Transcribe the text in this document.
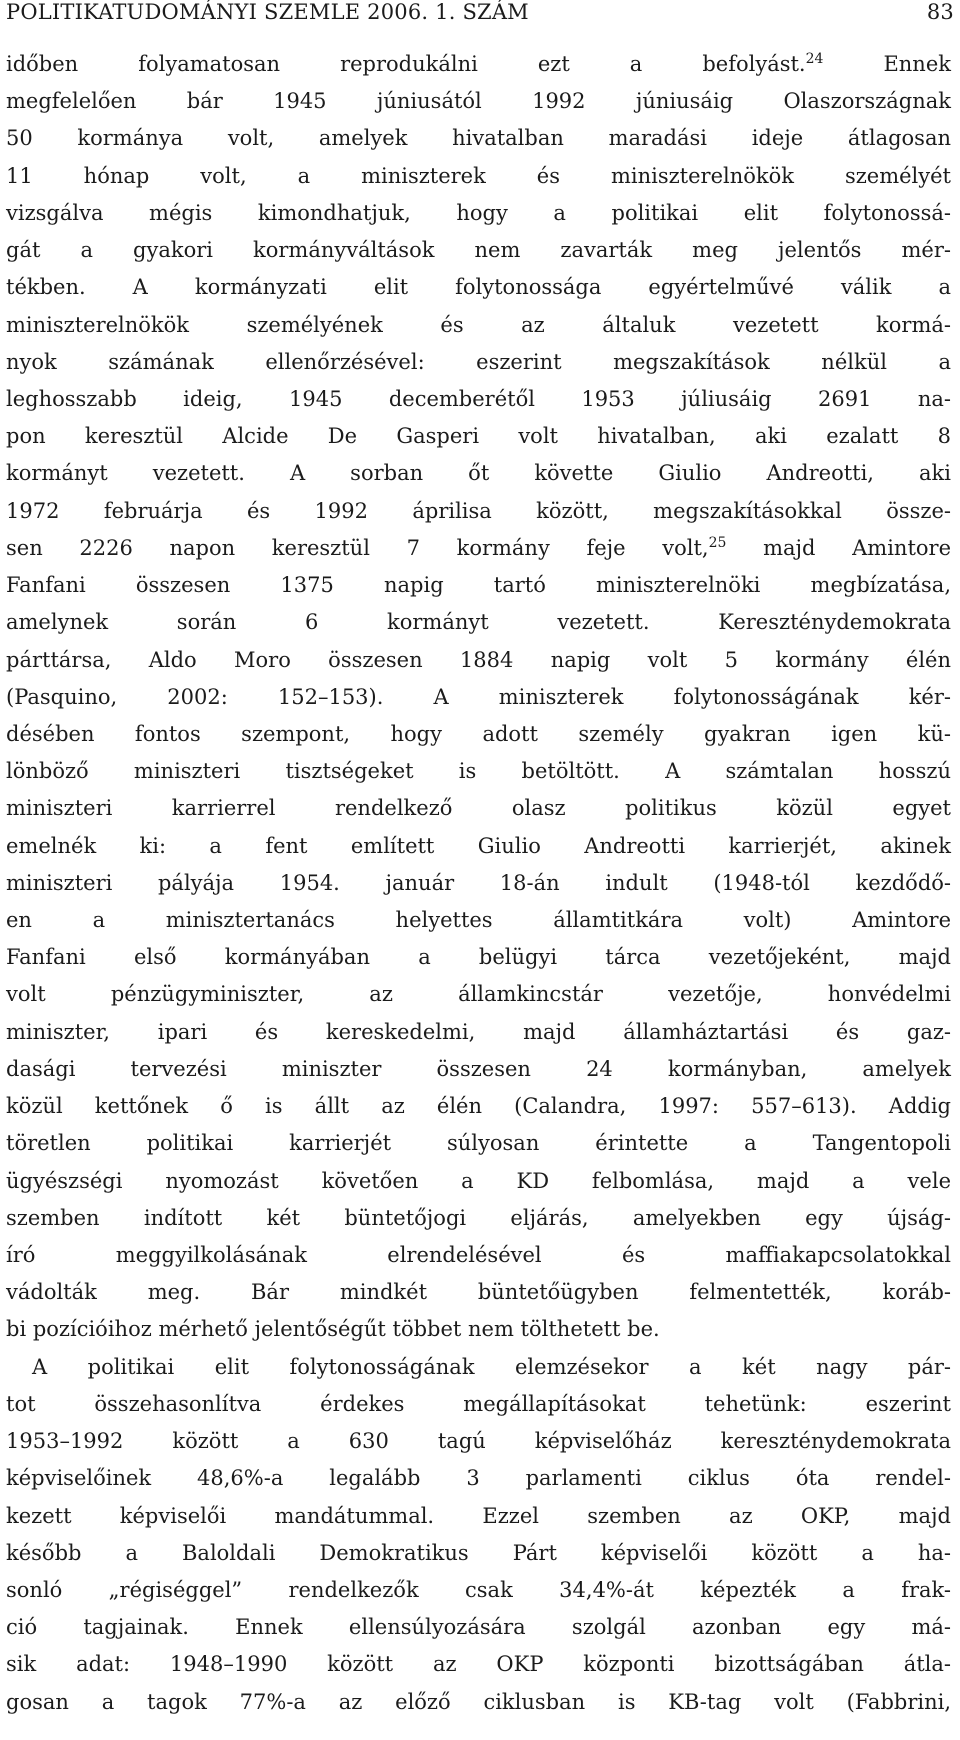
POLITIKATUDOMÁNYI SZEMLE 2006. 1. SZÁM	83
időben folyamatosan reprodukálni ezt a befolyást.$^{24}$ Ennek
megfelelően bár 1945 júniusától 1992 júniusáig Olaszországnak
50 kormánya volt, amelyek hivatalban maradási ideje átlagosan
11 hónap volt, a miniszterek és miniszterelnökök személyét
vizsgálva mégis kimondhatjuk, hogy a politikai elit folytonossá-
gát a gyakori kormányváltások nem zavarták meg jelentős mér-
tékben. A kormányzati elit folytonossága egyértelművé válik a
miniszterelnökök személyének és az általuk vezetett kormá-
nyok számának ellenőrzésével: eszerint megszakítások nélkül a
leghosszabb ideig, 1945 decemberétől 1953 júliusáig 2691 na-
pon keresztül Alcide De Gasperi volt hivatalban, aki ezalatt 8
kormányt vezetett. A sorban őt követte Giulio Andreotti, aki
1972 februárja és 1992 áprilisa között, megszakításokkal össze-
sen 2226 napon keresztül 7 kormány feje volt,$^{25}$ majd Amintore
Fanfani összesen 1375 napig tartó miniszterelnöki megbízatása,
amelynek során 6 kormányt vezetett. Kereszténydemokrata
párttársa, Aldo Moro összesen 1884 napig volt 5 kormány élén
(Pasquino, 2002: 152–153). A miniszterek folytonosságának kér-
désében fontos szempont, hogy adott személy gyakran igen kü-
lönböző miniszteri tisztségeket is betöltött. A számtalan hosszú
miniszteri karrierrel rendelkező olasz politikus közül egyet
emelnék ki: a fent említett Giulio Andreotti karrierjét, akinek
miniszteri pályája 1954. január 18-án indult (1948-tól kezdődő-
en a minisztertanács helyettes államtitkára volt) Amintore
Fanfani első kormányában a belügyi tárca vezetőjeként, majd
volt pénzügyminiszter, az államkincstár vezetője, honvédelmi
miniszter, ipari és kereskedelmi, majd államháztartási és gaz-
dasági tervezési miniszter összesen 24 kormányban, amelyek
közül kettőnek ő is állt az élén (Calandra, 1997: 557–613). Addig
töretlen politikai karrierjét súlyosan érintette a Tangentopoli
ügyészségi nyomozást követően a KD felbomlása, majd a vele
szemben indított két büntetőjogi eljárás, amelyekben egy újság-
író meggyilkolásának elrendelésével és maffiakapcsolatokkal
vádolták meg. Bár mindkét büntetőügyben felmentették, koráb-
bi pozícióihoz mérhető jelentőségűt többet nem tölthetett be.
A politikai elit folytonosságának elemzésekor a két nagy pár-
tot összehasonlítva érdekes megállapításokat tehetünk: eszerint
1953–1992 között a 630 tagú képviselőház kereszténydemokrata
képviselőinek 48,6%-a legalább 3 parlamenti ciklus óta rendel-
kezett képviselői mandátummal. Ezzel szemben az OKP, majd
később a Baloldali Demokratikus Párt képviselői között a ha-
sonló „régiséggel” rendelkezők csak 34,4%-át képezték a frak-
ció tagjainak. Ennek ellensúlyozására szolgál azonban egy má-
sik adat: 1948–1990 között az OKP központi bizottságában átla-
gosan a tagok 77%-a az előző ciklusban is KB-tag volt (Fabbrini,
